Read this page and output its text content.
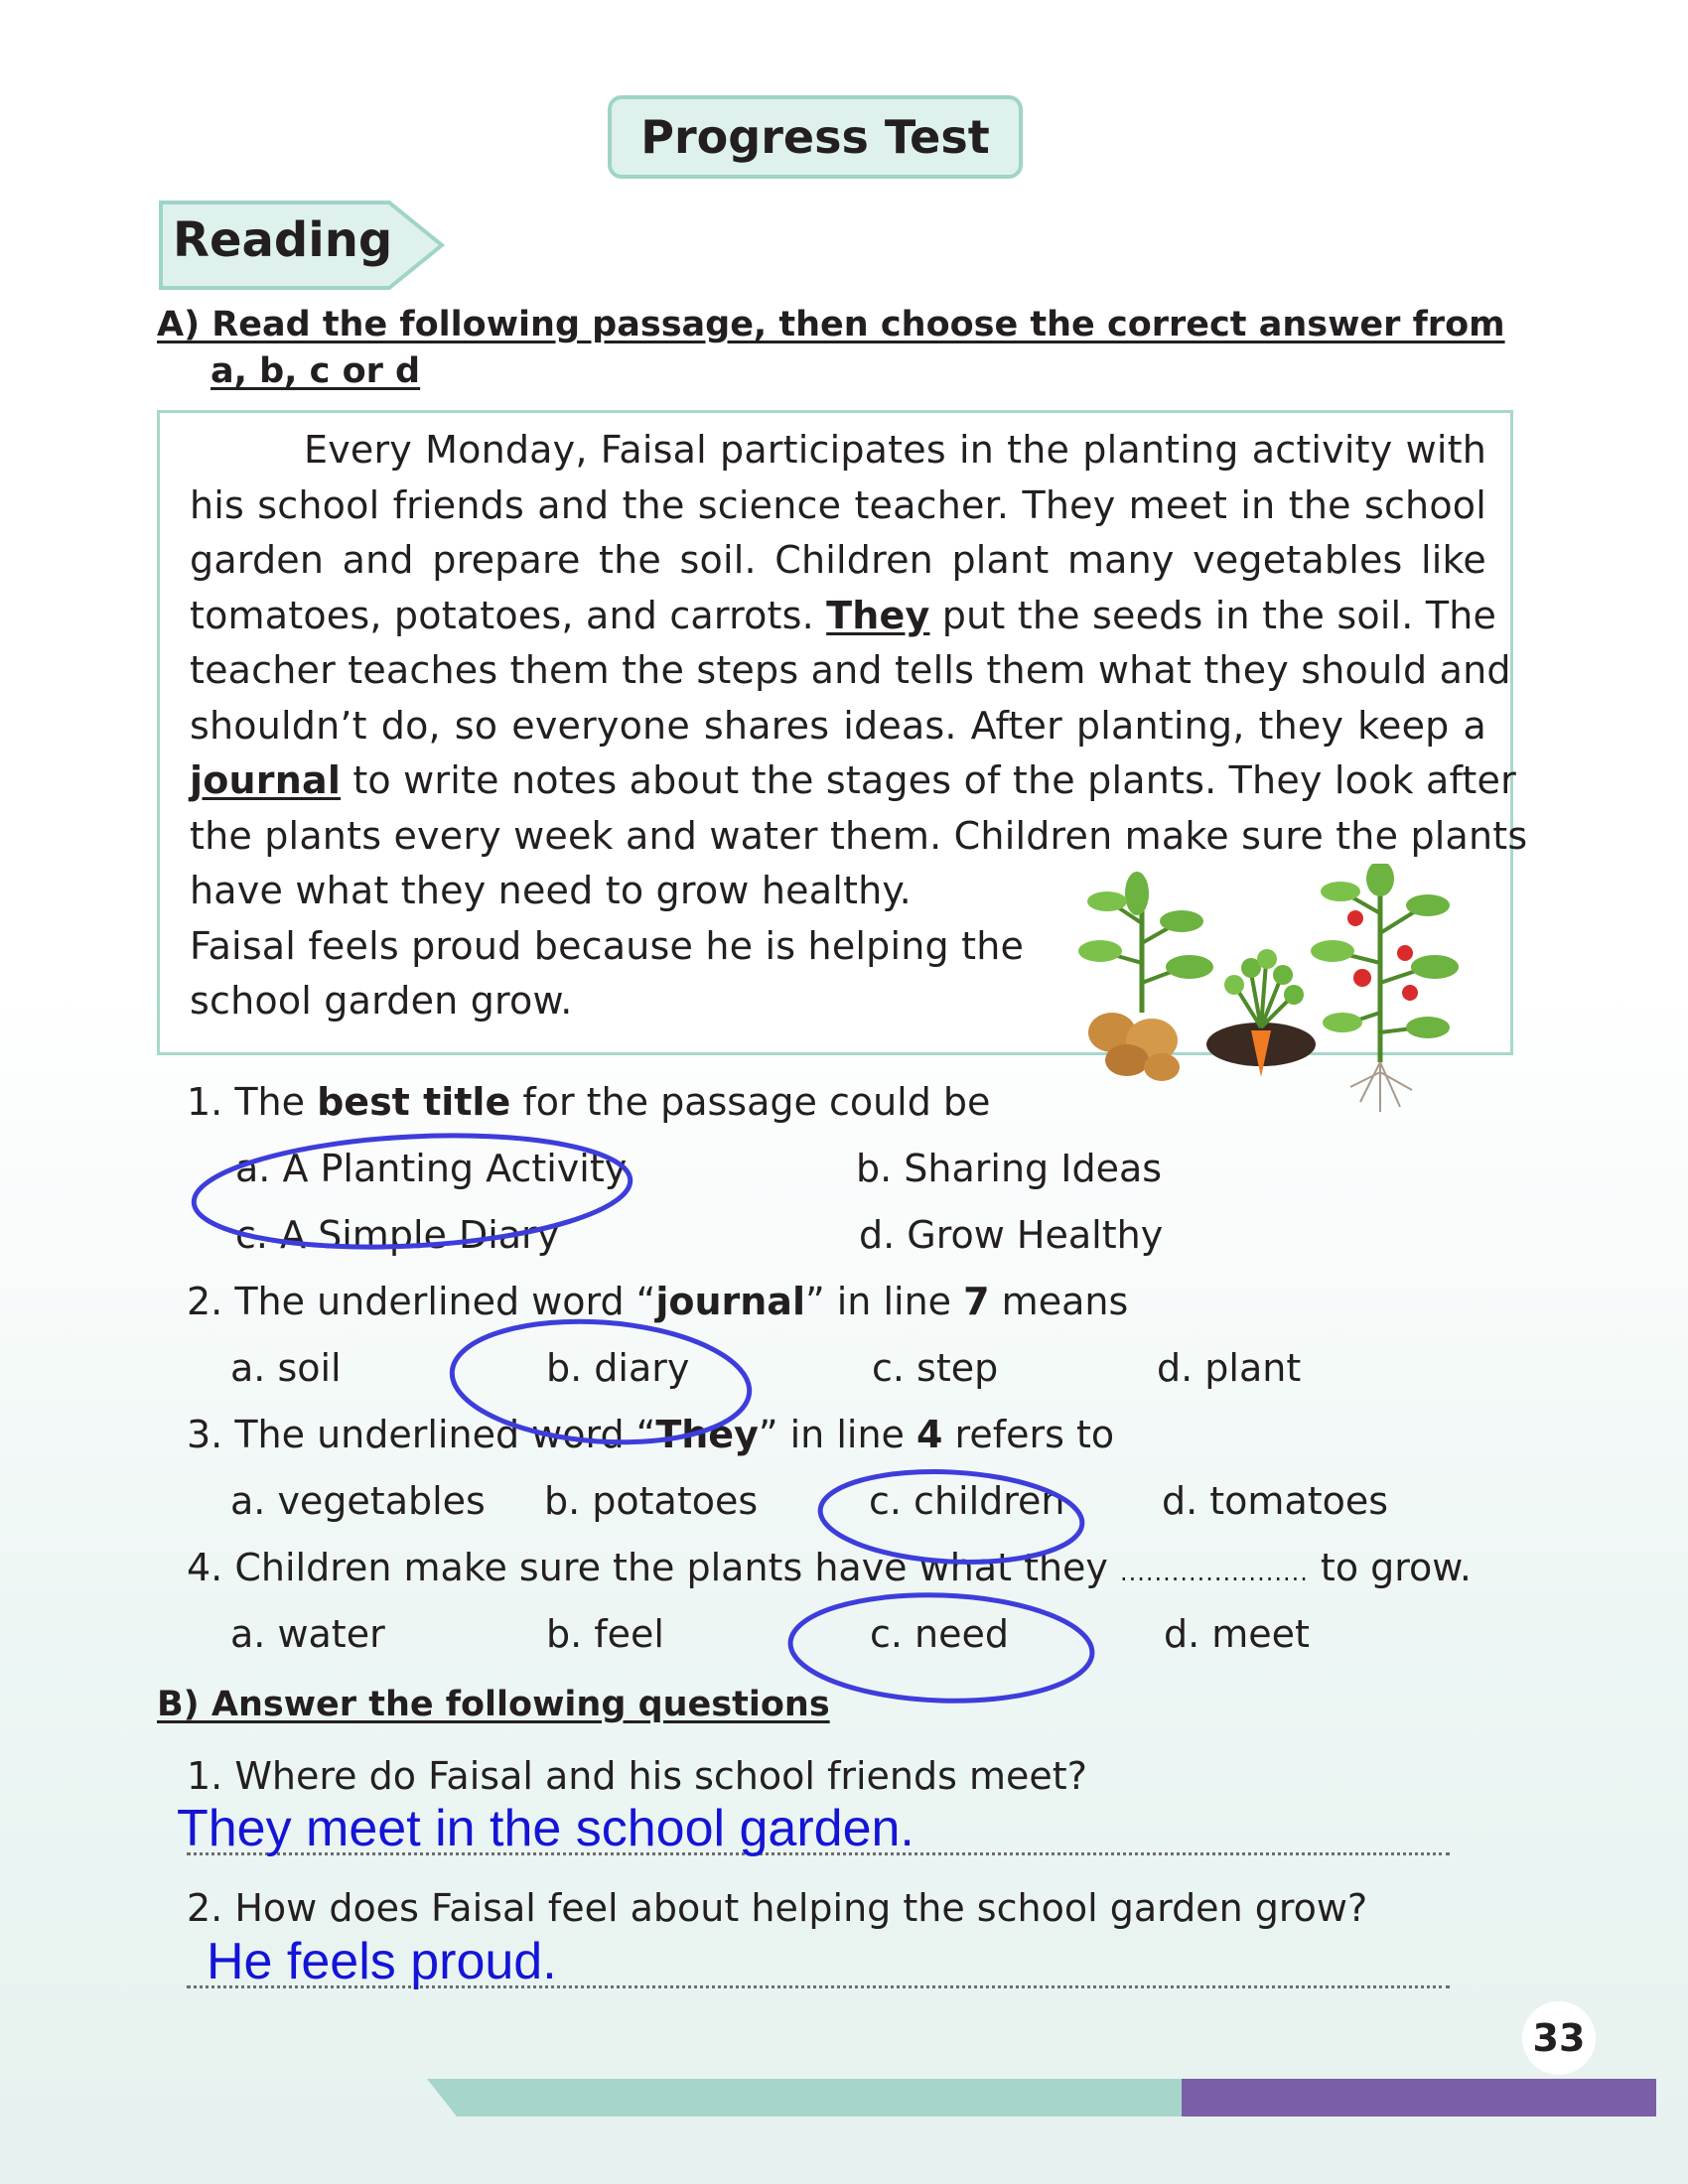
Progress Test
Reading
A) Read the following passage, then choose the correct answer from
a, b, c or d
Every Monday, Faisal participates in the planting activity with
his school friends and the science teacher. They meet in the school
garden and prepare the soil. Children plant many vegetables like
tomatoes, potatoes, and carrots. They put the seeds in the soil. The
teacher teaches them the steps and tells them what they should and
shouldn’t do, so everyone shares ideas. After planting, they keep a
journal to write notes about the stages of the plants. They look after
the plants every week and water them. Children make sure the plants
have what they need to grow healthy.
Faisal feels proud because he is helping the
school garden grow.
1. The best title for the passage could be
a. A Planting Activity	b. Sharing Ideas
c. A Simple Diary	d. Grow Healthy
2. The underlined word “journal” in line 7 means
a. soil	b. diary	c. step	d. plant
3. The underlined word “They” in line 4 refers to
a. vegetables b. potatoes	c. children	d. tomatoes
4. Children make sure the plants have what they ...................... to grow.
a. water	b. feel	c. need	d. meet
B) Answer the following questions
1. Where do Faisal and his school friends meet?
They meet in the school garden.
2. How does Faisal feel about helping the school garden grow?
He feels proud.
33
